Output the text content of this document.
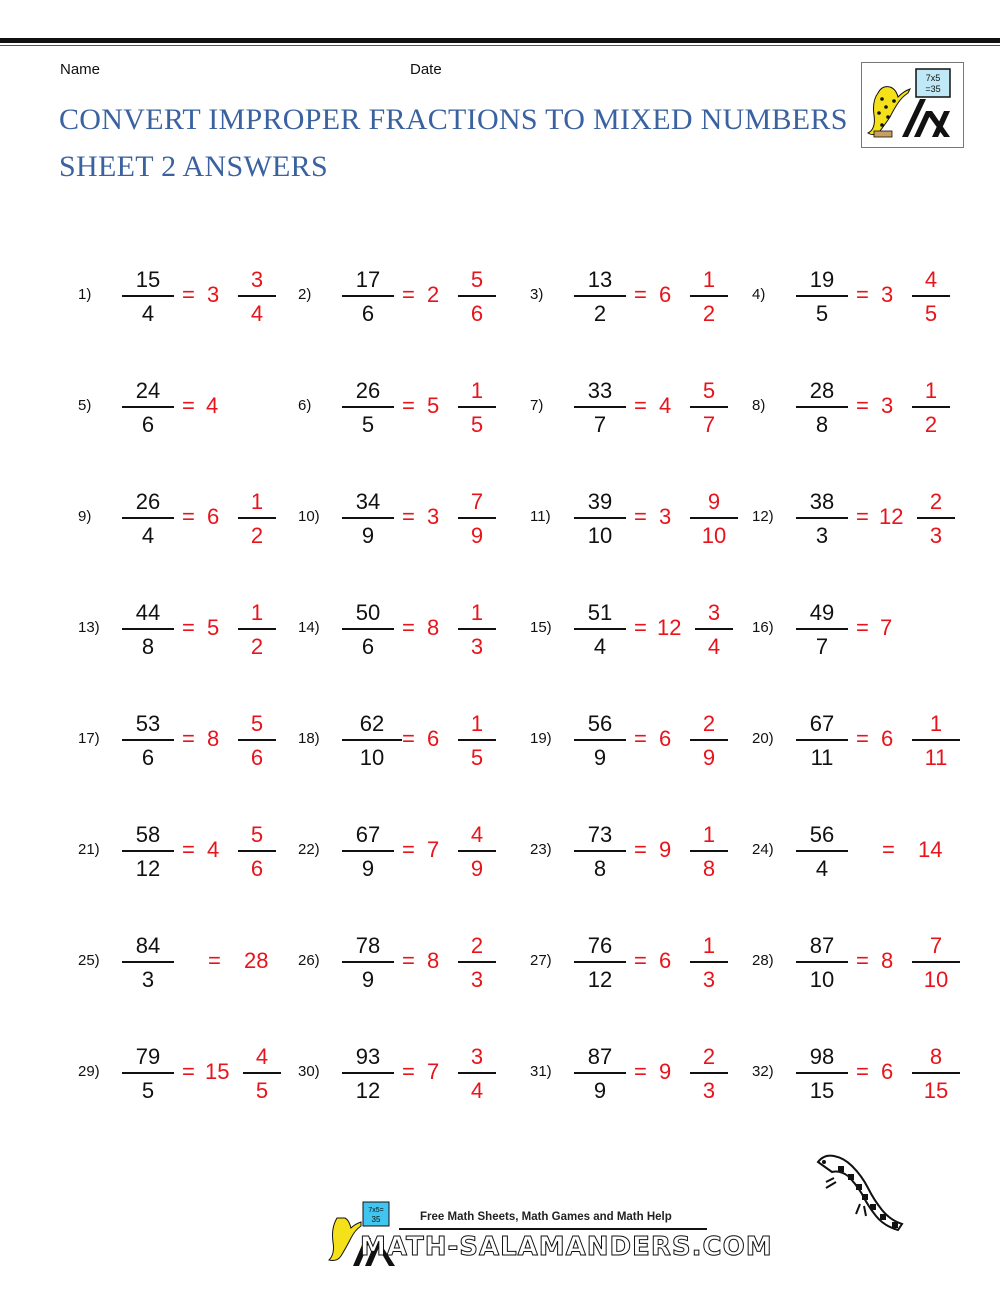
Name	Date
CONVERT IMPROPER FRACTIONS TO MIXED NUMBERS
SHEET 2 ANSWERS
7x5
=35
1)
15
4
= 3
3
4
2)
17
6
= 2
5
6
3)
13
2
= 6
1
2
4)
19
5
= 3
4
5
5)
24
6
= 4	6)
26
5
= 5
1
5
7)
33
7
= 4
5
7
8)
28
8
= 3
1
2
9)
26
4
= 6
1
2
10)
34
9
= 3
7
9
11)
39
10
= 3
9
10
12)
38
3
= 12
2
3
13)
44
8
= 5
1
2
14)
50
6
= 8
1
3
15)
51
4
= 12
3
4
16)
49
7
= 7
17)
53
6
= 8
5
6
18)
62
10
= 6
1
5
19)
56
9
= 6
2
9
20)
67
11
= 6
1
11
21)
58
12
= 4
5
6
22)
67
9
= 7
4
9
23)
73
8
= 9
1
8
24)
56
4
= 14
25)
84
3
= 28 26)
78
9
= 8
2
3
27)
76
12
= 6
1
3
28)
87
10
= 8
7
10
29)
79
5
= 15
4
5
30)
93
12
= 7
3
4
31)
87
9
= 9
2
3
32)
98
15
= 6
8
15
7x5=
35	Free Math Sheets, Math Games and Math Help
MATH-SALAMANDERS.COM
